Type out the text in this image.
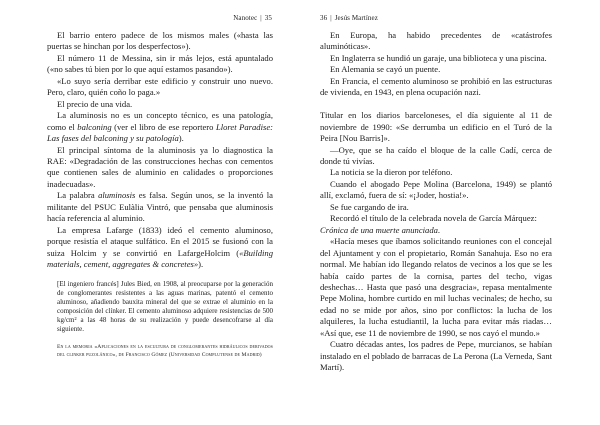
Nanotec | 35

El barrio entero padece de los mismos males («hasta las puertas se hinchan por los desperfectos»).

El número 11 de Messina, sin ir más lejos, está apuntalado («no sabes tú bien por lo que aquí estamos pasando»).

«Lo suyo sería derribar este edificio y construir uno nuevo. Pero, claro, quién coño lo paga.»

El precio de una vida.

La aluminosis no es un concepto técnico, es una patología, como el balconing (ver el libro de ese reportero Lloret Paradise: Las fases del balconing y su patología).

El principal síntoma de la aluminosis ya lo diagnostica la RAE: «Degradación de las construcciones hechas con cementos que contienen sales de aluminio en calidades o proporciones inadecuadas».

La palabra aluminosis es falsa. Según unos, se la inventó la militante del PSUC Eulàlia Vintró, que pensaba que aluminosis hacía referencia al aluminio.

La empresa Lafarge (1833) ideó el cemento aluminoso, porque resistía el ataque sulfático. En el 2015 se fusionó con la suiza Holcim y se convirtió en LafargeHolcim («Building materials, cement, aggregates & concretes»).

[El ingeniero francés] Jules Bied, en 1908, al preocuparse por la generación de conglomerantes resistentes a las aguas marinas, patentó el cemento aluminoso, añadiendo bauxita mineral del que se extrae el aluminio en la composición del clínker. El cemento aluminoso adquiere resistencias de 500 kg/cm² a las 48 horas de su realización y puede desencofrarse al día siguiente.

En la memoria «Aplicaciones en la escultura de conglomerantes hidráulicos derivados del clinker puzolánico», de Francisco Gómez (Universidad Complutense de Madrid)

36 | Jesús Martínez

En Europa, ha habido precedentes de «catástrofes aluminóticas».

En Inglaterra se hundió un garaje, una biblioteca y una piscina.

En Alemania se cayó un puente.

En Francia, el cemento aluminoso se prohibió en las estructuras de vivienda, en 1943, en plena ocupación nazi.

Titular en los diarios barceloneses, el día siguiente al 11 de noviembre de 1990: «Se derrumba un edificio en el Turó de la Peira [Nou Barris]».

—Oye, que se ha caído el bloque de la calle Cadí, cerca de donde tú vivías.

La noticia se la dieron por teléfono.

Cuando el abogado Pepe Molina (Barcelona, 1949) se plantó allí, exclamó, fuera de sí: «¡Joder, hostia!».

Se fue cargando de ira.

Recordó el título de la celebrada novela de García Márquez:

Crónica de una muerte anunciada.

«Hacía meses que íbamos solicitando reuniones con el concejal del Ajuntament y con el propietario, Román Sanahuja. Eso no era normal. Me habían ido llegando relatos de vecinos a los que se les había caído partes de la cornisa, partes del techo, vigas deshechas… Hasta que pasó una desgracia», repasa mentalmente Pepe Molina, hombre curtido en mil luchas vecinales; de hecho, su edad no se mide por años, sino por conflictos: la lucha de los alquileres, la lucha estudiantil, la lucha para evitar más riadas… «Así que, ese 11 de noviembre de 1990, se nos cayó el mundo.»

Cuatro décadas antes, los padres de Pepe, murcianos, se habían instalado en el poblado de barracas de La Perona (La Verneda, Sant Martí).
